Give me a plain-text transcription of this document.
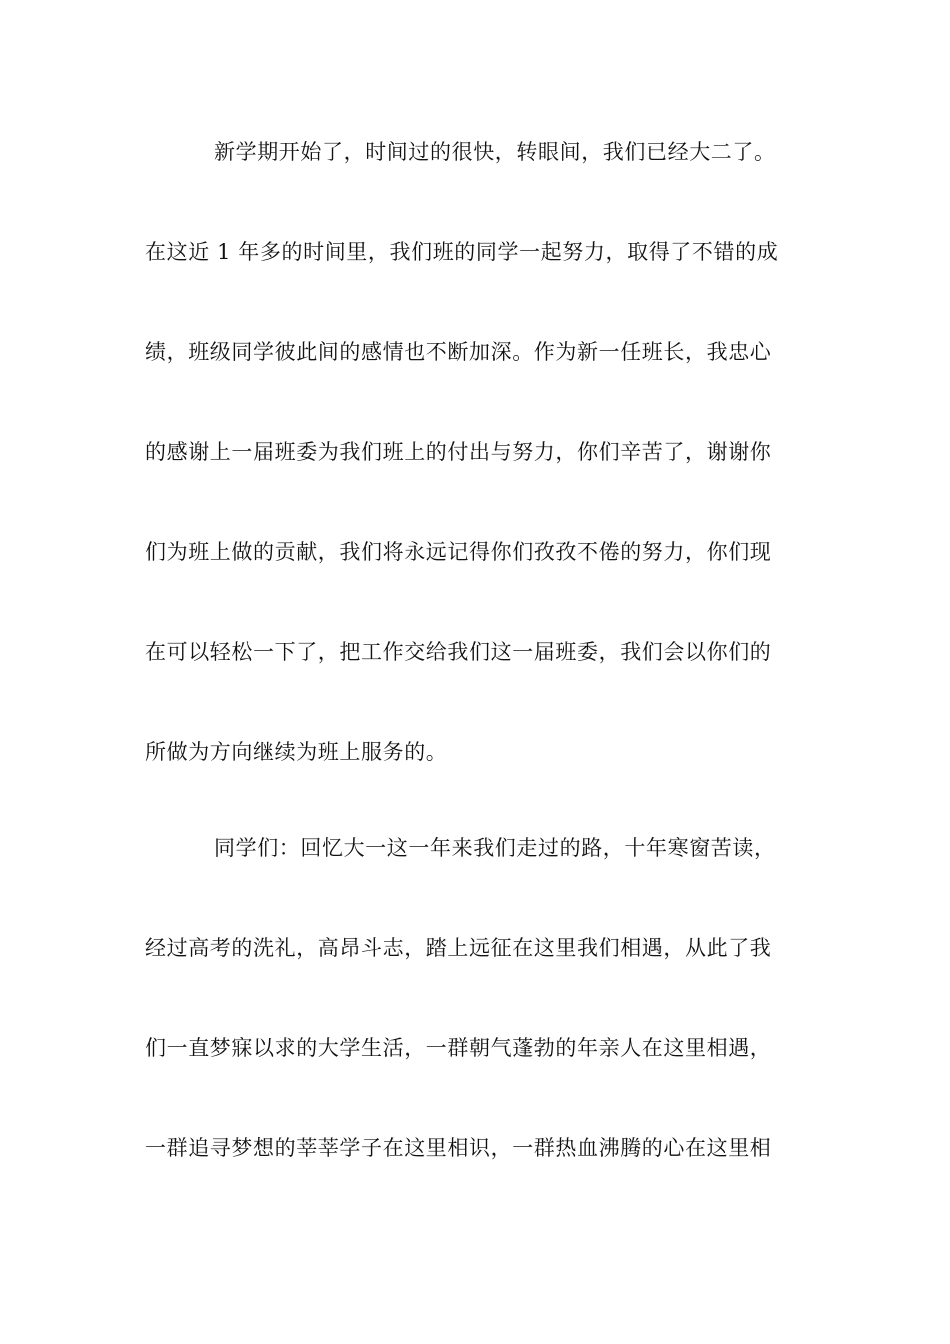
新学期开始了，时间过的很快，转眼间，我们已经大二了。
在这近 1 年多的时间里，我们班的同学一起努力，取得了不错的成
绩，班级同学彼此间的感情也不断加深。作为新一任班长，我忠心
的感谢上一届班委为我们班上的付出与努力，你们辛苦了，谢谢你
们为班上做的贡献，我们将永远记得你们孜孜不倦的努力，你们现
在可以轻松一下了，把工作交给我们这一届班委，我们会以你们的
所做为方向继续为班上服务的。
同学们：回忆大一这一年来我们走过的路，十年寒窗苦读，
经过高考的洗礼，高昂斗志，踏上远征在这里我们相遇，从此了我
们一直梦寐以求的大学生活，一群朝气蓬勃的年亲人在这里相遇，
一群追寻梦想的莘莘学子在这里相识，一群热血沸腾的心在这里相
